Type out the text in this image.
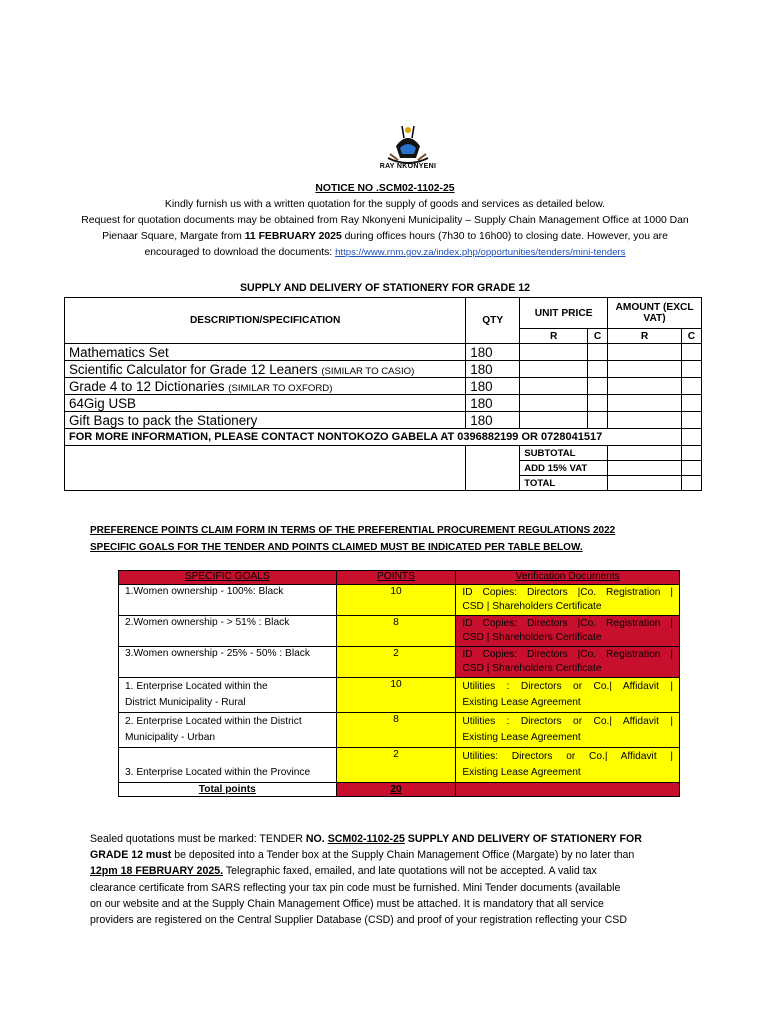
RAY NKONYENI
NOTICE NO .SCM02-1102-25
Kindly furnish us with a written quotation for the supply of goods and services as detailed below.
Request for quotation documents may be obtained from Ray Nkonyeni Municipality – Supply Chain Management Office at 1000 Dan
Pienaar Square, Margate from 11 FEBRUARY 2025 during offices hours (7h30 to 16h00) to closing date. However, you are
encouraged to download the documents: https://www.rnm.gov.za/index.php/opportunities/tenders/mini-tenders
SUPPLY AND DELIVERY OF STATIONERY FOR GRADE 12
DESCRIPTION/SPECIFICATION	QTY	UNIT PRICE		AMOUNT (EXCL VAT)	
		R	C	R	C
Mathematics Set	180				
Scientific Calculator for Grade 12 Leaners (SIMILAR TO CASIO)	180				
Grade 4 to 12 Dictionaries (SIMILAR TO OXFORD)	180				
64Gig USB	180				
Gift Bags to pack the Stationery	180				
FOR MORE INFORMATION, PLEASE CONTACT NONTOKOZO GABELA AT 0396882199 OR 0728041517					
		SUBTOTAL			
		ADD 15% VAT			
		TOTAL			
PREFERENCE POINTS CLAIM FORM IN TERMS OF THE PREFERENTIAL PROCUREMENT REGULATIONS 2022
SPECIFIC GOALS FOR THE TENDER AND POINTS CLAIMED MUST BE INDICATED PER TABLE BELOW.
SPECIFIC GOALS	POINTS	Verification Documents
1.Women ownership - 100%: Black	10	ID Copies: Directors |Co. Registration |
CSD | Shareholders Certificate

2.Women ownership - > 51% : Black	8	ID Copies: Directors |Co. Registration |
CSD | Shareholders Certificate

3.Women ownership - 25% - 50% : Black	2	ID Copies: Directors |Co. Registration |
CSD | Shareholders Certificate

1. Enterprise Located within the
District Municipality - Rural	10	Utilities : Directors or Co.| Affidavit |
Existing Lease Agreement

2. Enterprise Located within the District
Municipality - Urban	8	Utilities : Directors or Co.| Affidavit |
Existing Lease Agreement

3. Enterprise Located within the Province	2	Utilities: Directors or Co.| Affidavit |
Existing Lease Agreement

Total points	20	
Sealed quotations must be marked: TENDER NO. SCM02-1102-25 SUPPLY AND DELIVERY OF STATIONERY FOR
GRADE 12 must be deposited into a Tender box at the Supply Chain Management Office (Margate) by no later than
12pm 18 FEBRUARY 2025. Telegraphic faxed, emailed, and late quotations will not be accepted. A valid tax
clearance certificate from SARS reflecting your tax pin code must be furnished. Mini Tender documents (available
on our website and at the Supply Chain Management Office) must be attached. It is mandatory that all service
providers are registered on the Central Supplier Database (CSD) and proof of your registration reflecting your CSD
